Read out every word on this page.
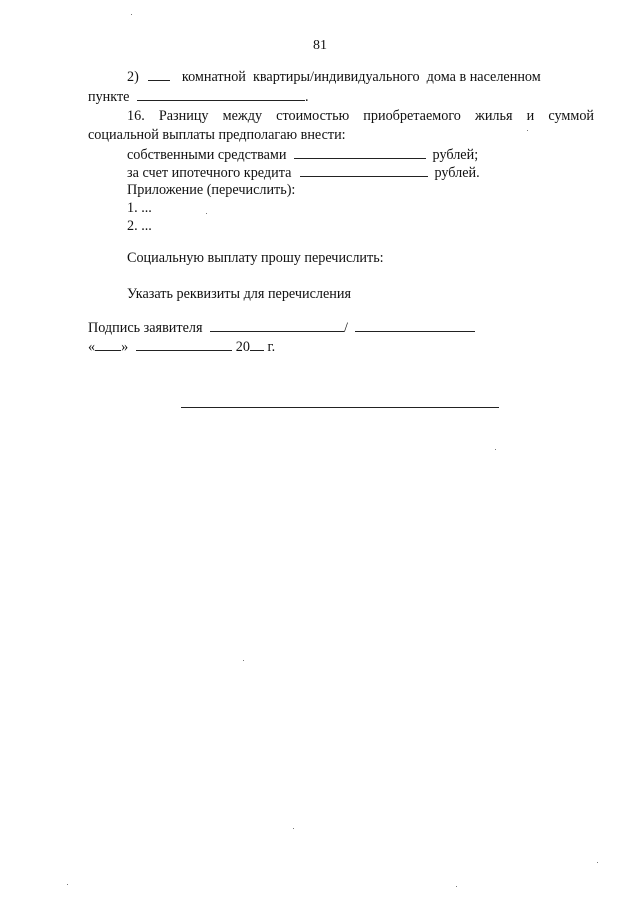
81
2)	комнатной  квартиры/индивидуального  дома в населенном
пункте	.
16. Разницу между стоимостью приобретаемого жилья и суммой
социальной выплаты предполагаю внести:
собственными средствами	рублей;
за счет ипотечного кредита	рублей.
Приложение (перечислить):
1. ...
2. ...
Социальную выплату прошу перечислить:
Указать реквизиты для перечисления
Подпись заявителя	/
« »	20 г.
